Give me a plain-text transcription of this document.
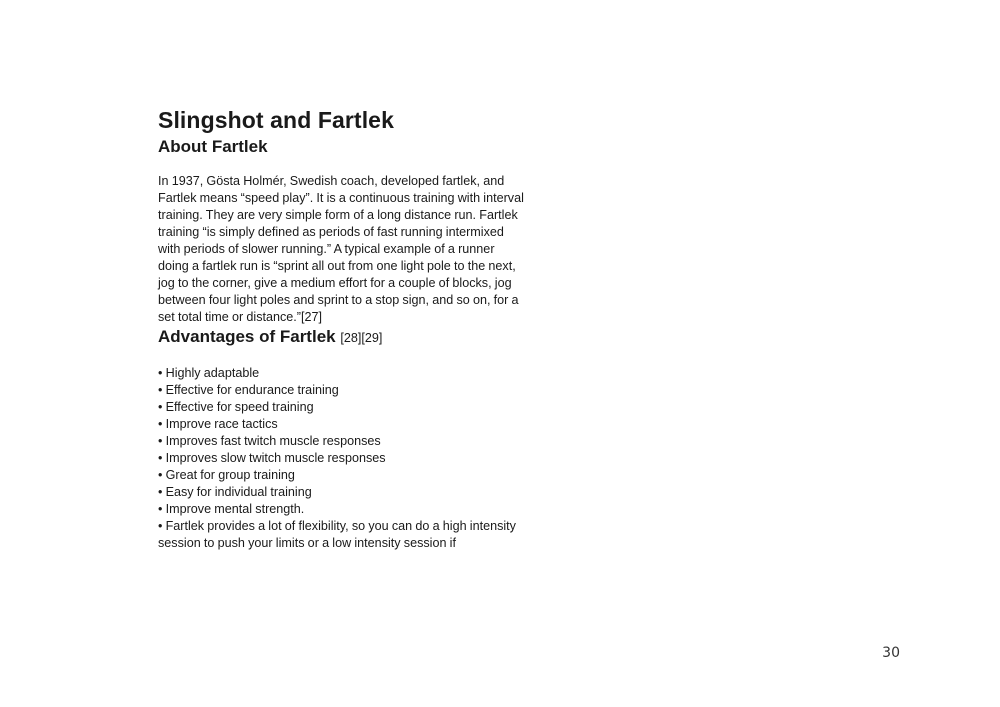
Slingshot and Fartlek
About Fartlek

In 1937, Gösta Holmér, Swedish coach, developed fartlek, and Fartlek means “speed play”. It is a continuous training with interval training. They are very simple form of a long distance run. Fartlek training “is simply defined as periods of fast running intermixed with periods of slower running.” A typical example of a runner doing a fartlek run is “sprint all out from one light pole to the next, jog to the corner, give a medium effort for a couple of blocks, jog between four light poles and sprint to a stop sign, and so on, for a set total time or distance.”[27]

Advantages of Fartlek [28][29]
• Highly adaptable
• Effective for endurance training
• Effective for speed training
• Improve race tactics
• Improves fast twitch muscle responses
• Improves slow twitch muscle responses
• Great for group training
• Easy for individual training
• Improve mental strength.
• Fartlek provides a lot of flexibility, so you can do a high intensity session to push your limits or a low intensity session if
30
